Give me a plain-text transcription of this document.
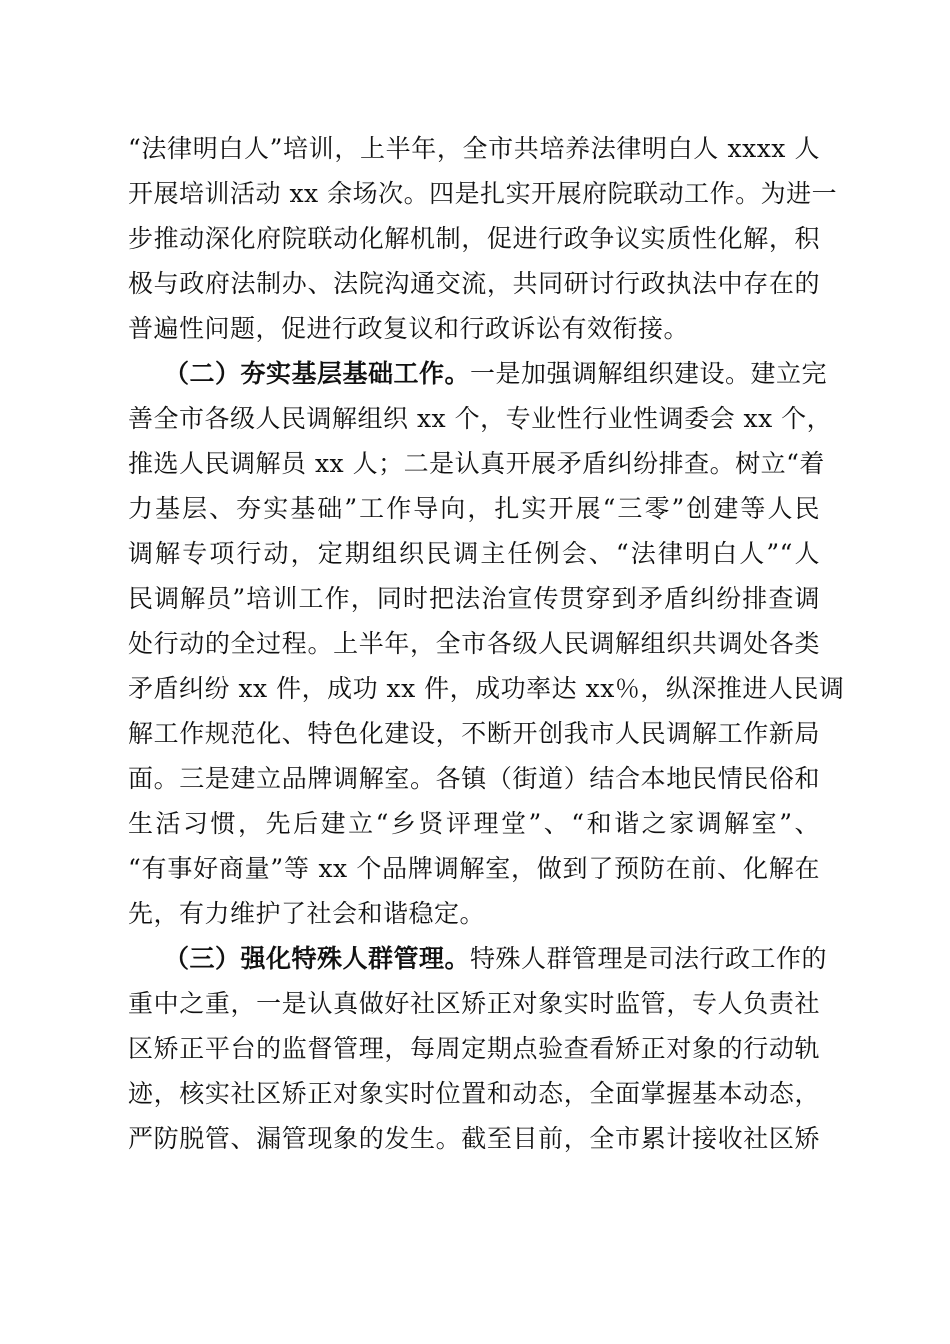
“法律明白人”培训，上半年，全市共培养法律明白人 xxxx 人
开展培训活动 xx 余场次。四是扎实开展府院联动工作。为进一
步推动深化府院联动化解机制，促进行政争议实质性化解，积
极与政府法制办、法院沟通交流，共同研讨行政执法中存在的
普遍性问题，促进行政复议和行政诉讼有效衔接。
（二）夯实基层基础工作。一是加强调解组织建设。建立完
善全市各级人民调解组织 xx 个，专业性行业性调委会 xx 个，
推选人民调解员 xx 人；二是认真开展矛盾纠纷排查。树立“着
力基层、夯实基础”工作导向，扎实开展“三零”创建等人民
调解专项行动，定期组织民调主任例会、“法律明白人”“人
民调解员”培训工作，同时把法治宣传贯穿到矛盾纠纷排查调
处行动的全过程。上半年，全市各级人民调解组织共调处各类
矛盾纠纷 xx 件，成功 xx 件，成功率达 xx％，纵深推进人民调
解工作规范化、特色化建设，不断开创我市人民调解工作新局
面。三是建立品牌调解室。各镇（街道）结合本地民情民俗和
生活习惯，先后建立“乡贤评理堂”、“和谐之家调解室”、
“有事好商量”等 xx 个品牌调解室，做到了预防在前、化解在
先，有力维护了社会和谐稳定。
（三）强化特殊人群管理。特殊人群管理是司法行政工作的
重中之重，一是认真做好社区矫正对象实时监管，专人负责社
区矫正平台的监督管理，每周定期点验查看矫正对象的行动轨
迹，核实社区矫正对象实时位置和动态，全面掌握基本动态，
严防脱管、漏管现象的发生。截至目前，全市累计接收社区矫
